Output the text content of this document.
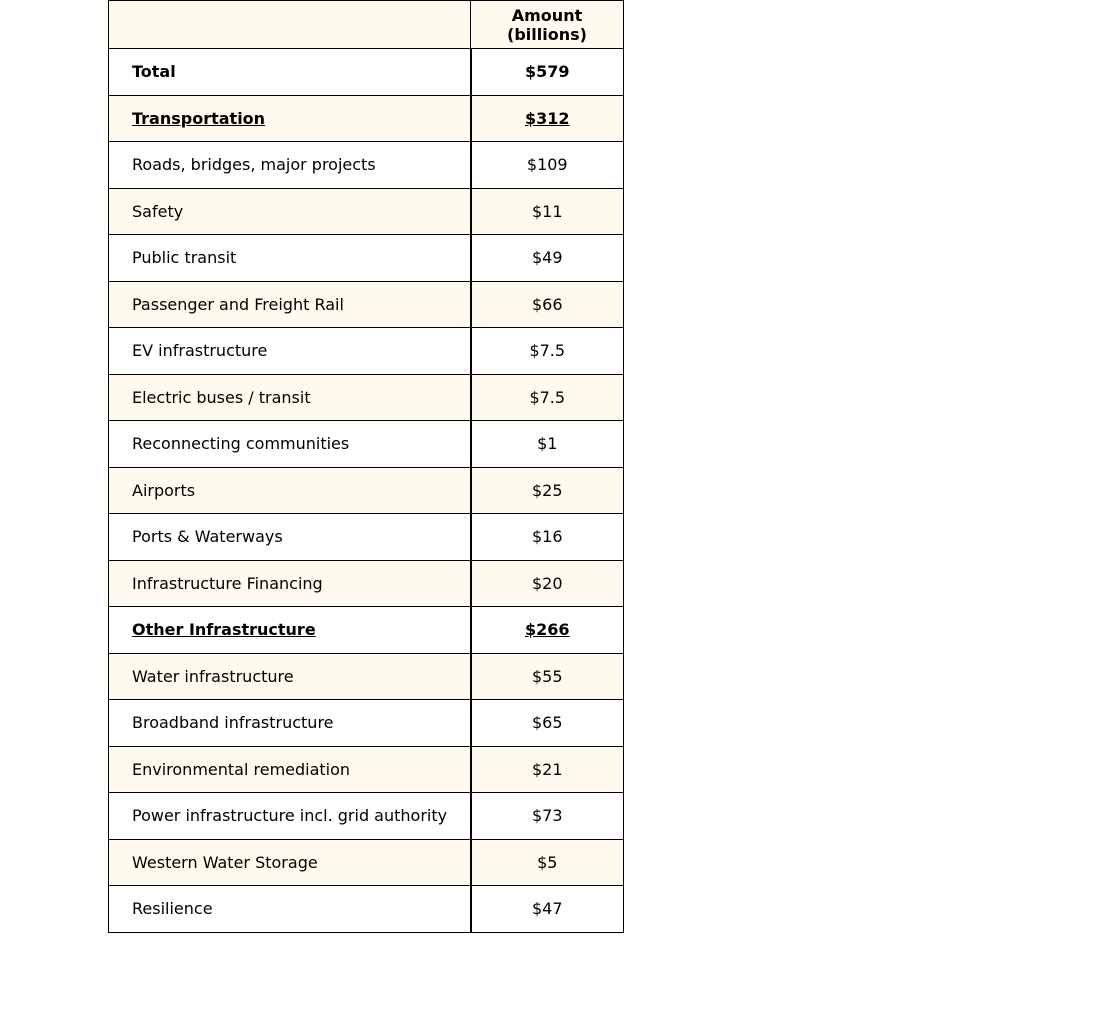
	Amount (billions)
Total	$579
Transportation	$312
Roads, bridges, major projects	$109
Safety	$11
Public transit	$49
Passenger and Freight Rail	$66
EV infrastructure	$7.5
Electric buses / transit	$7.5
Reconnecting communities	$1
Airports	$25
Ports & Waterways	$16
Infrastructure Financing	$20
Other Infrastructure	$266
Water infrastructure	$55
Broadband infrastructure	$65
Environmental remediation	$21
Power infrastructure incl. grid authority	$73
Western Water Storage	$5
Resilience	$47
